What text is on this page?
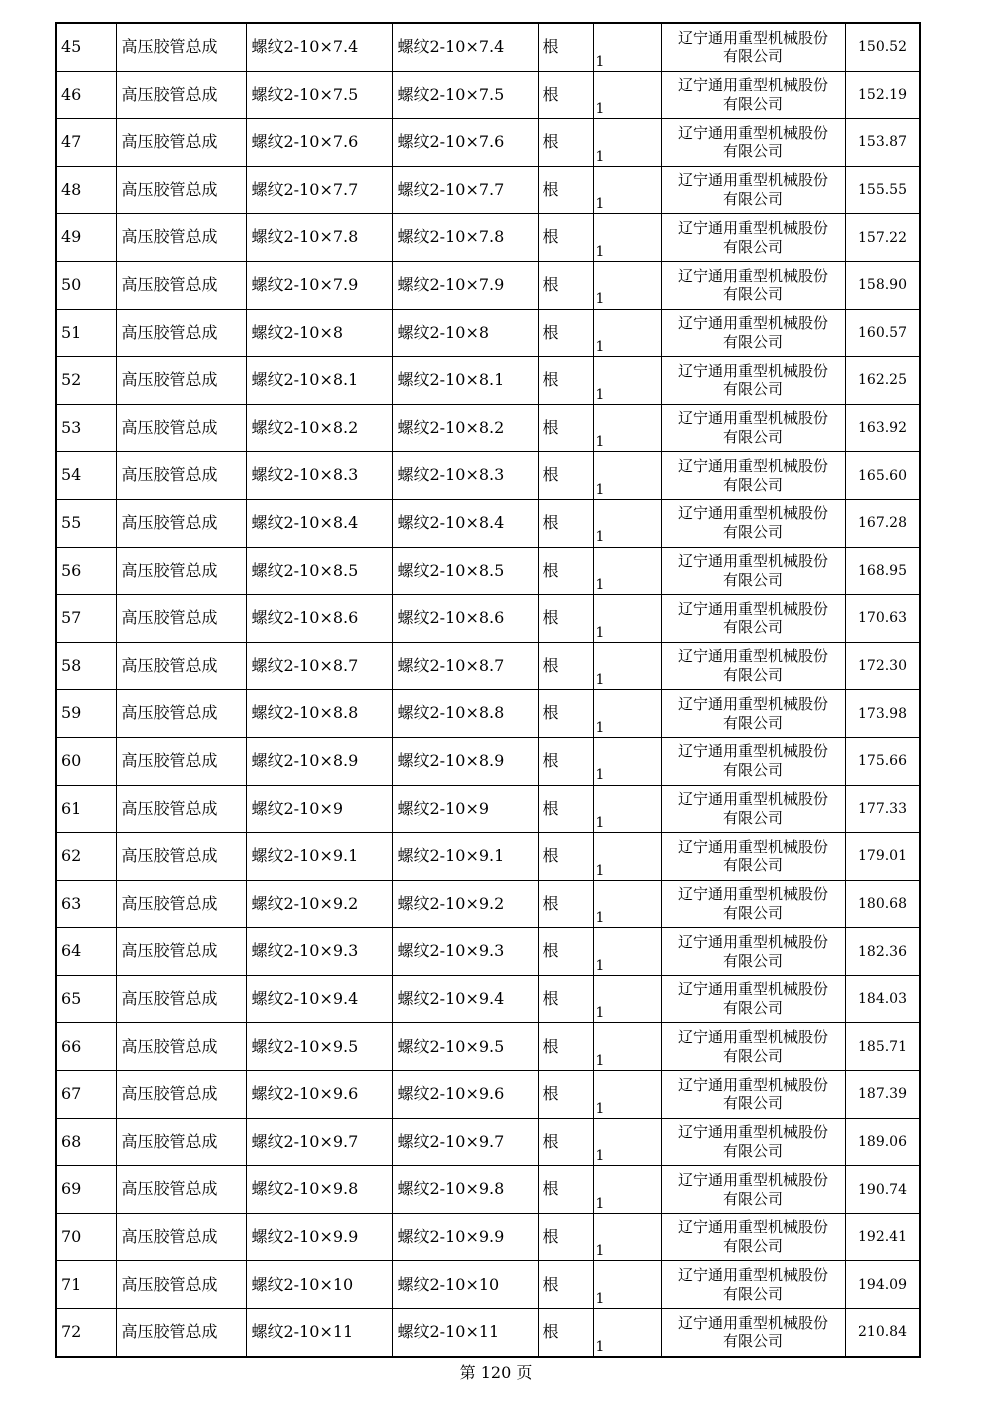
45	高压胶管总成	螺纹2-10×7.4	螺纹2-10×7.4	根	1	辽宁通用重型机械股份
有限公司	150.52
46	高压胶管总成	螺纹2-10×7.5	螺纹2-10×7.5	根	1	辽宁通用重型机械股份
有限公司	152.19
47	高压胶管总成	螺纹2-10×7.6	螺纹2-10×7.6	根	1	辽宁通用重型机械股份
有限公司	153.87
48	高压胶管总成	螺纹2-10×7.7	螺纹2-10×7.7	根	1	辽宁通用重型机械股份
有限公司	155.55
49	高压胶管总成	螺纹2-10×7.8	螺纹2-10×7.8	根	1	辽宁通用重型机械股份
有限公司	157.22
50	高压胶管总成	螺纹2-10×7.9	螺纹2-10×7.9	根	1	辽宁通用重型机械股份
有限公司	158.90
51	高压胶管总成	螺纹2-10×8	螺纹2-10×8	根	1	辽宁通用重型机械股份
有限公司	160.57
52	高压胶管总成	螺纹2-10×8.1	螺纹2-10×8.1	根	1	辽宁通用重型机械股份
有限公司	162.25
53	高压胶管总成	螺纹2-10×8.2	螺纹2-10×8.2	根	1	辽宁通用重型机械股份
有限公司	163.92
54	高压胶管总成	螺纹2-10×8.3	螺纹2-10×8.3	根	1	辽宁通用重型机械股份
有限公司	165.60
55	高压胶管总成	螺纹2-10×8.4	螺纹2-10×8.4	根	1	辽宁通用重型机械股份
有限公司	167.28
56	高压胶管总成	螺纹2-10×8.5	螺纹2-10×8.5	根	1	辽宁通用重型机械股份
有限公司	168.95
57	高压胶管总成	螺纹2-10×8.6	螺纹2-10×8.6	根	1	辽宁通用重型机械股份
有限公司	170.63
58	高压胶管总成	螺纹2-10×8.7	螺纹2-10×8.7	根	1	辽宁通用重型机械股份
有限公司	172.30
59	高压胶管总成	螺纹2-10×8.8	螺纹2-10×8.8	根	1	辽宁通用重型机械股份
有限公司	173.98
60	高压胶管总成	螺纹2-10×8.9	螺纹2-10×8.9	根	1	辽宁通用重型机械股份
有限公司	175.66
61	高压胶管总成	螺纹2-10×9	螺纹2-10×9	根	1	辽宁通用重型机械股份
有限公司	177.33
62	高压胶管总成	螺纹2-10×9.1	螺纹2-10×9.1	根	1	辽宁通用重型机械股份
有限公司	179.01
63	高压胶管总成	螺纹2-10×9.2	螺纹2-10×9.2	根	1	辽宁通用重型机械股份
有限公司	180.68
64	高压胶管总成	螺纹2-10×9.3	螺纹2-10×9.3	根	1	辽宁通用重型机械股份
有限公司	182.36
65	高压胶管总成	螺纹2-10×9.4	螺纹2-10×9.4	根	1	辽宁通用重型机械股份
有限公司	184.03
66	高压胶管总成	螺纹2-10×9.5	螺纹2-10×9.5	根	1	辽宁通用重型机械股份
有限公司	185.71
67	高压胶管总成	螺纹2-10×9.6	螺纹2-10×9.6	根	1	辽宁通用重型机械股份
有限公司	187.39
68	高压胶管总成	螺纹2-10×9.7	螺纹2-10×9.7	根	1	辽宁通用重型机械股份
有限公司	189.06
69	高压胶管总成	螺纹2-10×9.8	螺纹2-10×9.8	根	1	辽宁通用重型机械股份
有限公司	190.74
70	高压胶管总成	螺纹2-10×9.9	螺纹2-10×9.9	根	1	辽宁通用重型机械股份
有限公司	192.41
71	高压胶管总成	螺纹2-10×10	螺纹2-10×10	根	1	辽宁通用重型机械股份
有限公司	194.09
72	高压胶管总成	螺纹2-10×11	螺纹2-10×11	根	1	辽宁通用重型机械股份
有限公司	210.84
第 120 页
